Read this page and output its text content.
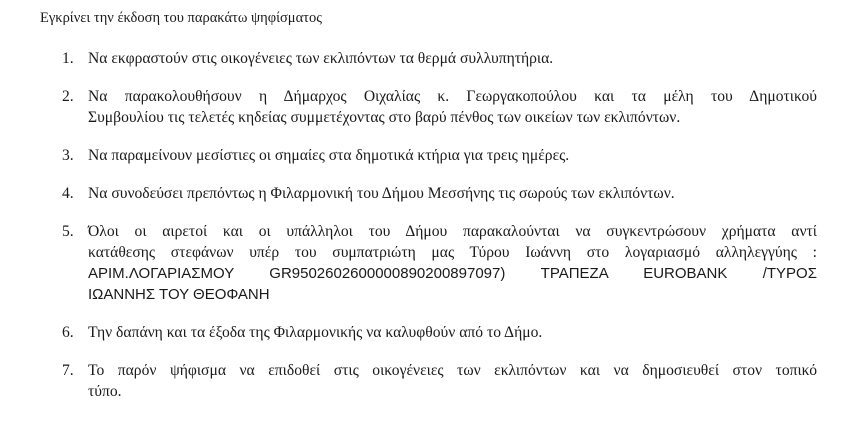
Εγκρίνει την έκδοση του παρακάτω ψηφίσματος
1. Να εκφραστούν στις οικογένειες των εκλιπόντων τα θερμά συλλυπητήρια.
2. Να παρακολουθήσουν η Δήμαρχος Οιχαλίας κ. Γεωργακοπούλου και τα μέλη του Δημοτικού
Συμβουλίου τις τελετές κηδείας συμμετέχοντας στο βαρύ πένθος των οικείων των εκλιπόντων.
3. Να παραμείνουν μεσίστιες οι σημαίες στα δημοτικά κτήρια για τρεις ημέρες.
4. Να συνοδεύσει πρεπόντως η Φιλαρμονική του Δήμου Μεσσήνης τις σωρούς των εκλιπόντων.
5. Όλοι οι αιρετοί και οι υπάλληλοι του Δήμου παρακαλούνται να συγκεντρώσουν χρήματα αντί
κατάθεσης στεφάνων υπέρ του συμπατριώτη μας Τύρου Ιωάννη στο λογαριασμό αλληλεγγύης :
ΑΡΙΜ.ΛΟΓΑΡΙΑΣΜΟΥ GR9502602600000890200897097) ΤΡΑΠΕΖΑ EUROBANK /ΤΥΡΟΣ
ΙΩΑΝΝΗΣ ΤΟΥ ΘΕΟΦΑΝΗ
6. Την δαπάνη και τα έξοδα της Φιλαρμονικής να καλυφθούν από το Δήμο.
7. Το παρόν ψήφισμα να επιδοθεί στις οικογένειες των εκλιπόντων και να δημοσιευθεί στον τοπικό
τύπο.
